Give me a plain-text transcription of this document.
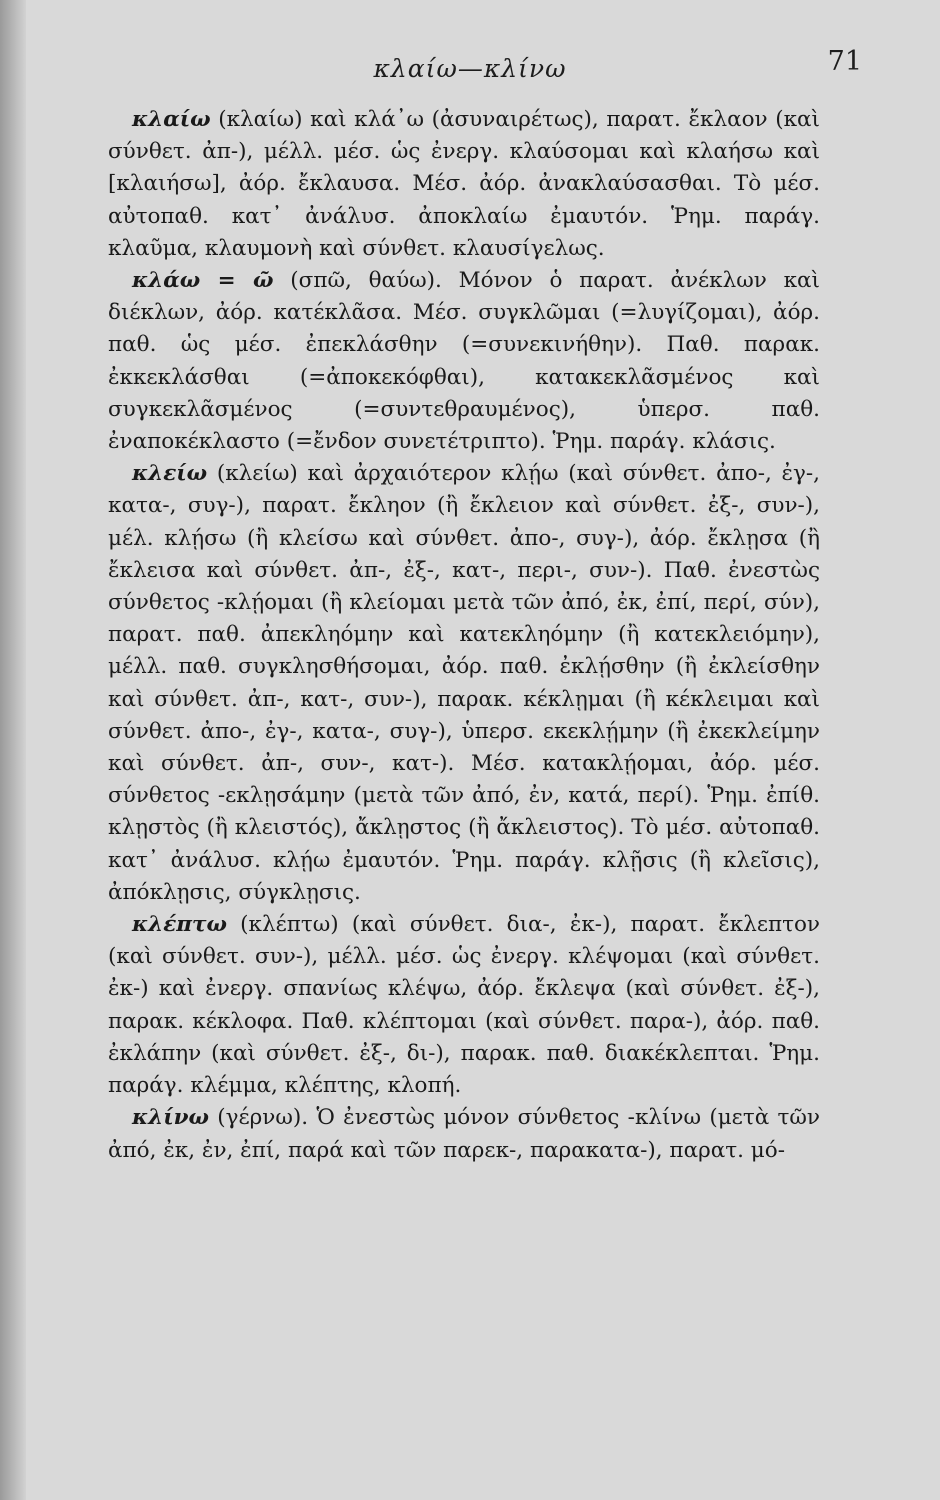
κλαίω—κλίνω	71

κλαίω (κλαίω) καὶ κλά᾽ω (ἀσυναιρέτως), παρατ. ἔκλαον (καὶ σύνθετ. ἀπ-), μέλλ. μέσ. ὡς ἐνεργ. κλαύσομαι καὶ κλαήσω καὶ [κλαιήσω], ἀόρ. ἔκλαυσα. Μέσ. ἀόρ. ἀνακλαύσασθαι. Τὸ μέσ. αὐτοπαθ. κατ᾽ ἀνάλυσ. ἀποκλαίω ἐμαυτόν. Ῥημ. παράγ. κλαῦμα, κλαυμονὴ καὶ σύνθετ. κλαυσίγελως.

κλάω = ῶ (σπῶ, θαύω). Μόνον ὁ παρατ. ἀνέκλων καὶ διέκλων, ἀόρ. κατέκλᾶσα. Μέσ. συγκλῶμαι (=λυγίζομαι), ἀόρ. παθ. ὡς μέσ. ἐπεκλάσθην (=συνεκινήθην). Παθ. παρακ. ἐκκεκλάσθαι (=ἀποκεκόφθαι), κατακεκλᾶσμένος καὶ συγκεκλᾶσμένος (=συντεθραυμένος), ὑπερσ. παθ. ἐναποκέκλαστο (=ἔνδον συνετέτριπτο). Ῥημ. παράγ. κλάσις.

κλείω (κλείω) καὶ ἀρχαιότερον κλῄω (καὶ σύνθετ. ἀπο-, ἐγ-, κατα-, συγ-), παρατ. ἔκληον (ἢ ἔκλειον καὶ σύνθετ. ἐξ-, συν-), μέλ. κλῄσω (ἢ κλείσω καὶ σύνθετ. ἀπο-, συγ-), ἀόρ. ἔκλῃσα (ἢ ἔκλεισα καὶ σύνθετ. ἀπ-, ἐξ-, κατ-, περι-, συν-). Παθ. ἐνεστὼς σύνθετος -κλῄομαι (ἢ κλείομαι μετὰ τῶν ἀπό, ἐκ, ἐπί, περί, σύν), παρατ. παθ. ἀπεκληόμην καὶ κατεκληόμην (ἢ κατεκλειόμην), μέλλ. παθ. συγκλησθήσομαι, ἀόρ. παθ. ἐκλῄσθην (ἢ ἐκλείσθην καὶ σύνθετ. ἀπ-, κατ-, συν-), παρακ. κέκλῃμαι (ἢ κέκλειμαι καὶ σύνθετ. ἀπο-, ἐγ-, κατα-, συγ-), ὑπερσ. εκεκλῄμην (ἢ ἐκεκλείμην καὶ σύνθετ. ἀπ-, συν-, κατ-). Μέσ. κατακλῄομαι, ἀόρ. μέσ. σύνθετος -εκλῃσάμην (μετὰ τῶν ἀπό, ἐν, κατά, περί). Ῥημ. ἐπίθ. κλῃστὸς (ἢ κλειστός), ἄκλῃστος (ἢ ἄκλειστος). Τὸ μέσ. αὐτοπαθ. κατ᾽ ἀνάλυσ. κλῄω ἐμαυτόν. Ῥημ. παράγ. κλῇσις (ἢ κλεῖσις), ἀπόκλῃσις, σύγκλῃσις.

κλέπτω (κλέπτω) (καὶ σύνθετ. δια-, ἐκ-), παρατ. ἔκλεπτον (καὶ σύνθετ. συν-), μέλλ. μέσ. ὡς ἐνεργ. κλέψομαι (καὶ σύνθετ. ἐκ-) καὶ ἐνεργ. σπανίως κλέψω, ἀόρ. ἔκλεψα (καὶ σύνθετ. ἐξ-), παρακ. κέκλοφα. Παθ. κλέπτομαι (καὶ σύνθετ. παρα-), ἀόρ. παθ. ἐκλάπην (καὶ σύνθετ. ἐξ-, δι-), παρακ. παθ. διακέκλεπται. Ῥημ. παράγ. κλέμμα, κλέπτης, κλοπή.

κλίνω (γέρνω). Ὁ ἐνεστὼς μόνον σύνθετος -κλίνω (μετὰ τῶν ἀπό, ἐκ, ἐν, ἐπί, παρά καὶ τῶν παρεκ-, παρακατα-), παρατ. μό-
